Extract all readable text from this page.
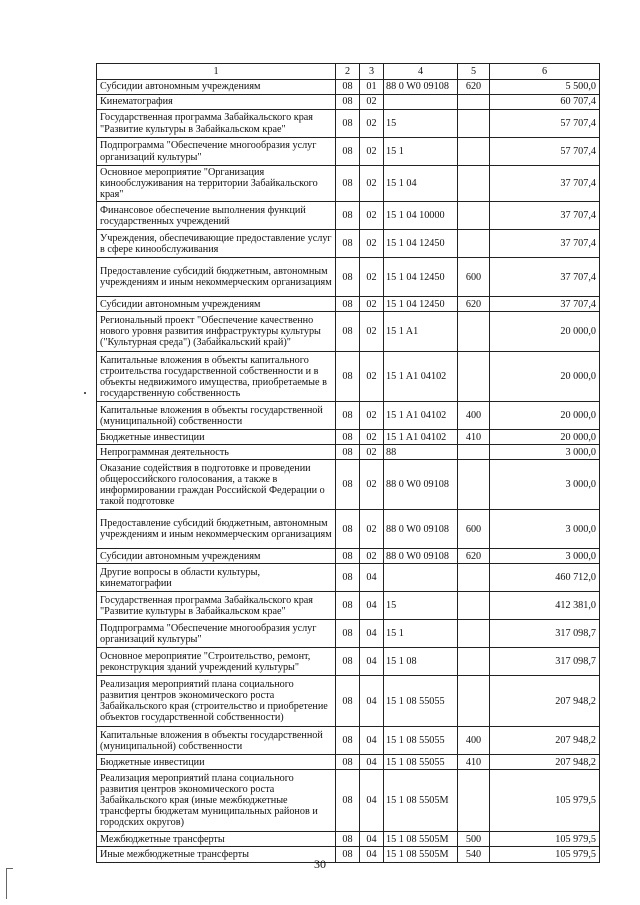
1	2	3	4	5	6
Субсидии автономным учреждениям	08	01	88 0 W0 09108	620	5 500,0
Кинематография	08	02			60 707,4
Государственная программа Забайкальского края "Развитие культуры в Забайкальском крае"	08	02	15		57 707,4
Подпрограмма "Обеспечение многообразия услуг организаций культуры"	08	02	15 1		57 707,4
Основное мероприятие "Организация кинообслуживания на территории Забайкальского края"	08	02	15 1 04		37 707,4
Финансовое обеспечение выполнения функций государственных учреждений	08	02	15 1 04 10000		37 707,4
Учреждения, обеспечивающие предоставление услуг в сфере кинообслуживания	08	02	15 1 04 12450		37 707,4
Предоставление субсидий бюджетным, автономным учреждениям и иным некоммерческим организациям	08	02	15 1 04 12450	600	37 707,4
Субсидии автономным учреждениям	08	02	15 1 04 12450	620	37 707,4
Региональный проект "Обеспечение качественно нового уровня развития инфраструктуры культуры ("Культурная среда") (Забайкальский край)"	08	02	15 1 A1		20 000,0
Капитальные вложения в объекты капитального строительства государственной собственности и в объекты недвижимого имущества, приобретаемые в государственную собственность	08	02	15 1 A1 04102		20 000,0
Капитальные вложения в объекты государственной (муниципальной) собственности	08	02	15 1 A1 04102	400	20 000,0
Бюджетные инвестиции	08	02	15 1 A1 04102	410	20 000,0
Непрограммная деятельность	08	02	88		3 000,0
Оказание содействия в подготовке и проведении общероссийского голосования, а также в информировании граждан Российской Федерации о такой подготовке	08	02	88 0 W0 09108		3 000,0
Предоставление субсидий бюджетным, автономным учреждениям и иным некоммерческим организациям	08	02	88 0 W0 09108	600	3 000,0
Субсидии автономным учреждениям	08	02	88 0 W0 09108	620	3 000,0
Другие вопросы в области культуры, кинематографии	08	04			460 712,0
Государственная программа Забайкальского края "Развитие культуры в Забайкальском крае"	08	04	15		412 381,0
Подпрограмма "Обеспечение многообразия услуг организаций культуры"	08	04	15 1		317 098,7
Основное мероприятие "Строительство, ремонт, реконструкция зданий учреждений культуры"	08	04	15 1 08		317 098,7
Реализация мероприятий плана социального развития центров экономического роста Забайкальского края (строительство и приобретение объектов государственной собственности)	08	04	15 1 08 55055		207 948,2
Капитальные вложения в объекты государственной (муниципальной) собственности	08	04	15 1 08 55055	400	207 948,2
Бюджетные инвестиции	08	04	15 1 08 55055	410	207 948,2
Реализация мероприятий плана социального развития центров экономического роста Забайкальского края (иные межбюджетные трансферты бюджетам муниципальных районов и городских округов)	08	04	15 1 08 5505М		105 979,5
Межбюджетные трансферты	08	04	15 1 08 5505М	500	105 979,5
Иные межбюджетные трансферты	08	04	15 1 08 5505М	540	105 979,5
30
